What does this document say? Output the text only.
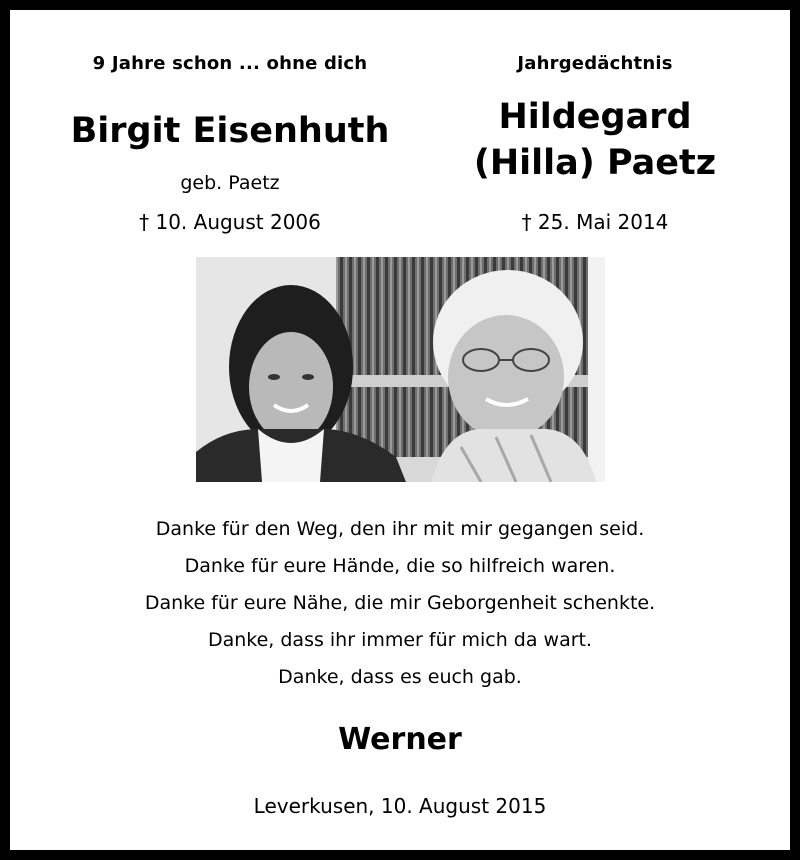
9 Jahre schon ... ohne dich
Birgit Eisenhuth
geb. Paetz
† 10. August 2006
Jahrgedächtnis
Hildegard
(Hilla) Paetz
† 25. Mai 2014
Danke für den Weg, den ihr mit mir gegangen seid.
Danke für eure Hände, die so hilfreich waren.
Danke für eure Nähe, die mir Geborgenheit schenkte.
Danke, dass ihr immer für mich da wart.
Danke, dass es euch gab.
Werner
Leverkusen, 10. August 2015
